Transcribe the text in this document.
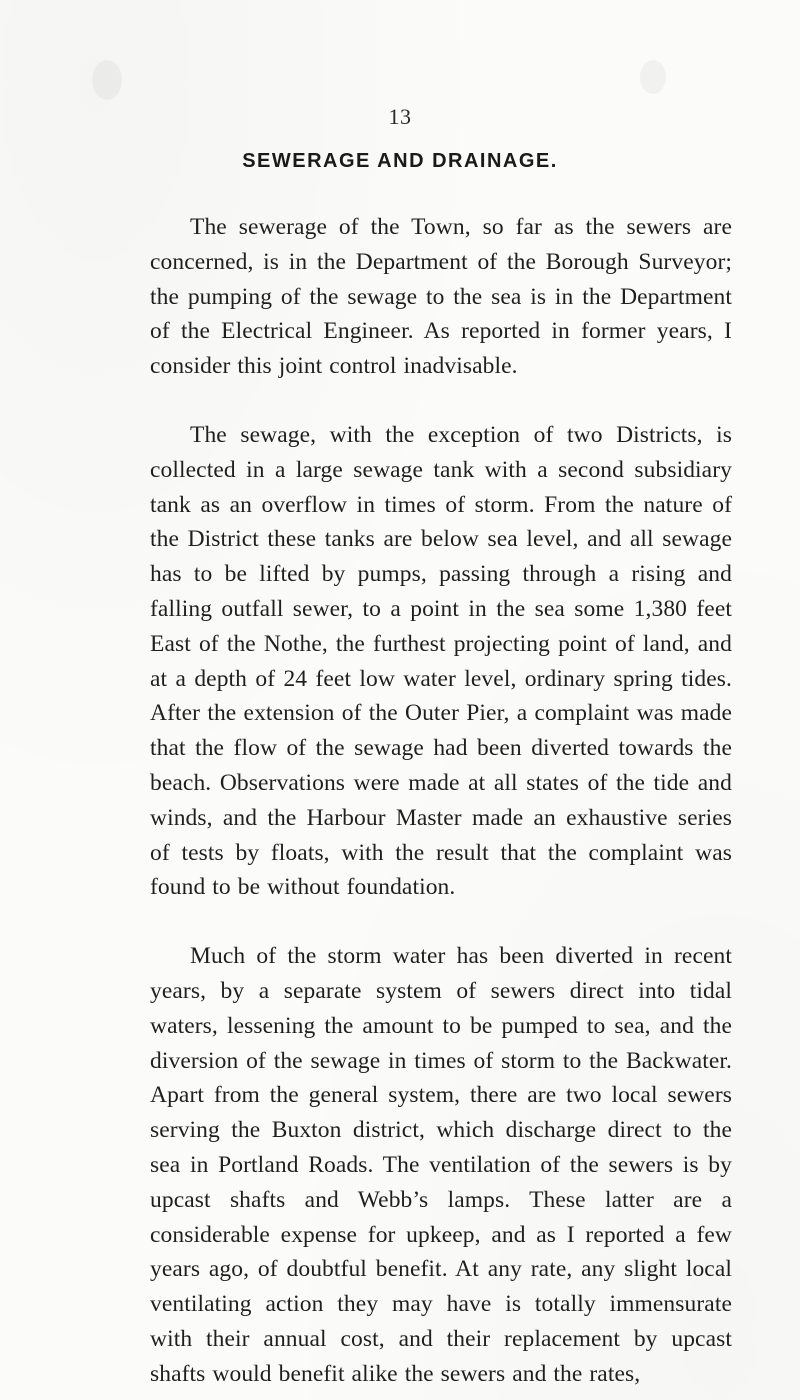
13
SEWERAGE AND DRAINAGE.

The sewerage of the Town, so far as the sewers are concerned, is in the Department of the Borough Surveyor; the pumping of the sewage to the sea is in the Department of the Electrical Engineer. As reported in former years, I consider this joint control inadvisable.

The sewage, with the exception of two Districts, is collected in a large sewage tank with a second subsidiary tank as an overflow in times of storm. From the nature of the District these tanks are below sea level, and all sewage has to be lifted by pumps, passing through a rising and falling outfall sewer, to a point in the sea some 1,380 feet East of the Nothe, the furthest projecting point of land, and at a depth of 24 feet low water level, ordinary spring tides. After the extension of the Outer Pier, a complaint was made that the flow of the sewage had been diverted towards the beach. Observations were made at all states of the tide and winds, and the Harbour Master made an exhaustive series of tests by floats, with the result that the complaint was found to be without foundation.

Much of the storm water has been diverted in recent years, by a separate system of sewers direct into tidal waters, lessening the amount to be pumped to sea, and the diversion of the sewage in times of storm to the Backwater. Apart from the general system, there are two local sewers serving the Buxton district, which discharge direct to the sea in Portland Roads. The ventilation of the sewers is by upcast shafts and Webb’s lamps. These latter are a considerable expense for upkeep, and as I reported a few years ago, of doubtful benefit. At any rate, any slight local ventilating action they may have is totally immensurate with their annual cost, and their replacement by upcast shafts would benefit alike the sewers and the rates,
